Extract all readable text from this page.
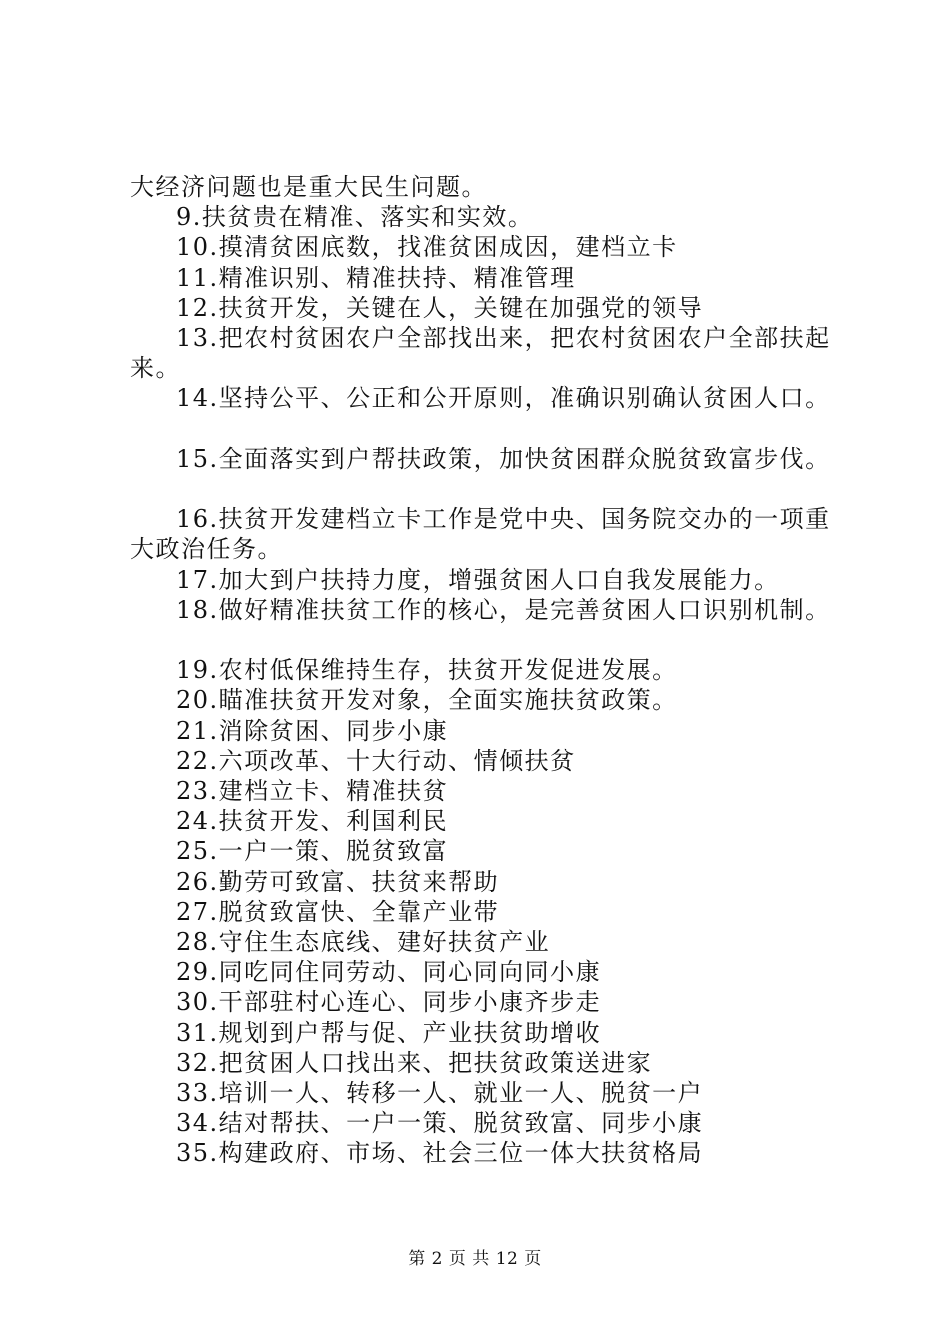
大经济问题也是重大民生问题。

9.扶贫贵在精准、落实和实效。

10.摸清贫困底数，找准贫困成因，建档立卡

11.精准识别、精准扶持、精准管理

12.扶贫开发，关键在人，关键在加强党的领导

13.把农村贫困农户全部找出来，把农村贫困农户全部扶起来。

14.坚持公平、公正和公开原则，准确识别确认贫困人口。

15.全面落实到户帮扶政策，加快贫困群众脱贫致富步伐。

16.扶贫开发建档立卡工作是党中央、国务院交办的一项重大政治任务。

17.加大到户扶持力度，增强贫困人口自我发展能力。

18.做好精准扶贫工作的核心，是完善贫困人口识别机制。

19.农村低保维持生存，扶贫开发促进发展。

20.瞄准扶贫开发对象，全面实施扶贫政策。

21.消除贫困、同步小康

22.六项改革、十大行动、情倾扶贫

23.建档立卡、精准扶贫

24.扶贫开发、利国利民

25.一户一策、脱贫致富

26.勤劳可致富、扶贫来帮助

27.脱贫致富快、全靠产业带

28.守住生态底线、建好扶贫产业

29.同吃同住同劳动、同心同向同小康

30.干部驻村心连心、同步小康齐步走

31.规划到户帮与促、产业扶贫助增收

32.把贫困人口找出来、把扶贫政策送进家

33.培训一人、转移一人、就业一人、脱贫一户

34.结对帮扶、一户一策、脱贫致富、同步小康

35.构建政府、市场、社会三位一体大扶贫格局

第 2 页 共 12 页
